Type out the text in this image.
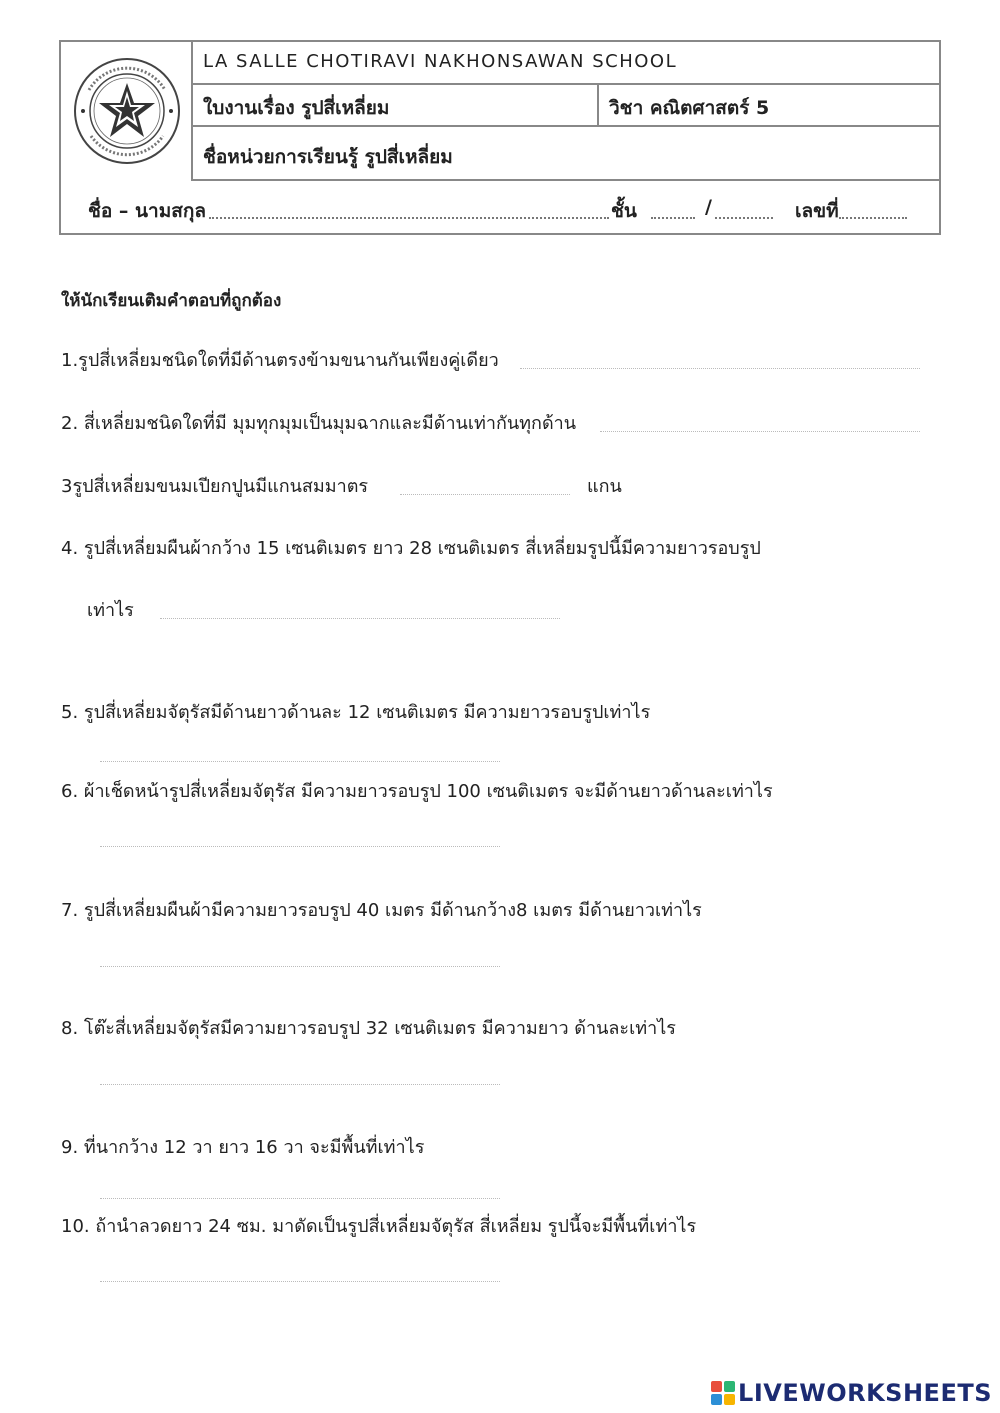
LA SALLE CHOTIRAVI NAKHONSAWAN SCHOOL
ใบงานเรื่อง รูปสี่เหลี่ยม	วิชา คณิตศาสตร์ 5
ชื่อหน่วยการเรียนรู้ รูปสี่เหลี่ยม
ชื่อ – นามสกุล	ชั้น	/	เลขที่
ให้นักเรียนเติมคำตอบที่ถูกต้อง
1.รูปสี่เหลี่ยมชนิดใดที่มีด้านตรงข้ามขนานกันเพียงคู่เดียว
2. สี่เหลี่ยมชนิดใดที่มี มุมทุกมุมเป็นมุมฉากและมีด้านเท่ากันทุกด้าน
3รูปสี่เหลี่ยมขนมเปียกปูนมีแกนสมมาตร	แกน
4. รูปสี่เหลี่ยมผืนผ้ากว้าง 15 เซนติเมตร ยาว 28 เซนติเมตร สี่เหลี่ยมรูปนี้มีความยาวรอบรูป
เท่าไร
5. รูปสี่เหลี่ยมจัตุรัสมีด้านยาวด้านละ 12 เซนติเมตร มีความยาวรอบรูปเท่าไร
6. ผ้าเช็ดหน้ารูปสี่เหลี่ยมจัตุรัส มีความยาวรอบรูป 100 เซนติเมตร จะมีด้านยาวด้านละเท่าไร
7. รูปสี่เหลี่ยมผืนผ้ามีความยาวรอบรูป 40 เมตร มีด้านกว้าง8 เมตร มีด้านยาวเท่าไร
8. โต๊ะสี่เหลี่ยมจัตุรัสมีความยาวรอบรูป 32 เซนติเมตร มีความยาว ด้านละเท่าไร
9. ที่นากว้าง 12 วา ยาว 16 วา จะมีพื้นที่เท่าไร
10. ถ้านำลวดยาว 24 ซม. มาดัดเป็นรูปสี่เหลี่ยมจัตุรัส สี่เหลี่ยม รูปนี้จะมีพื้นที่เท่าไร
LIVEWORKSHEETS
